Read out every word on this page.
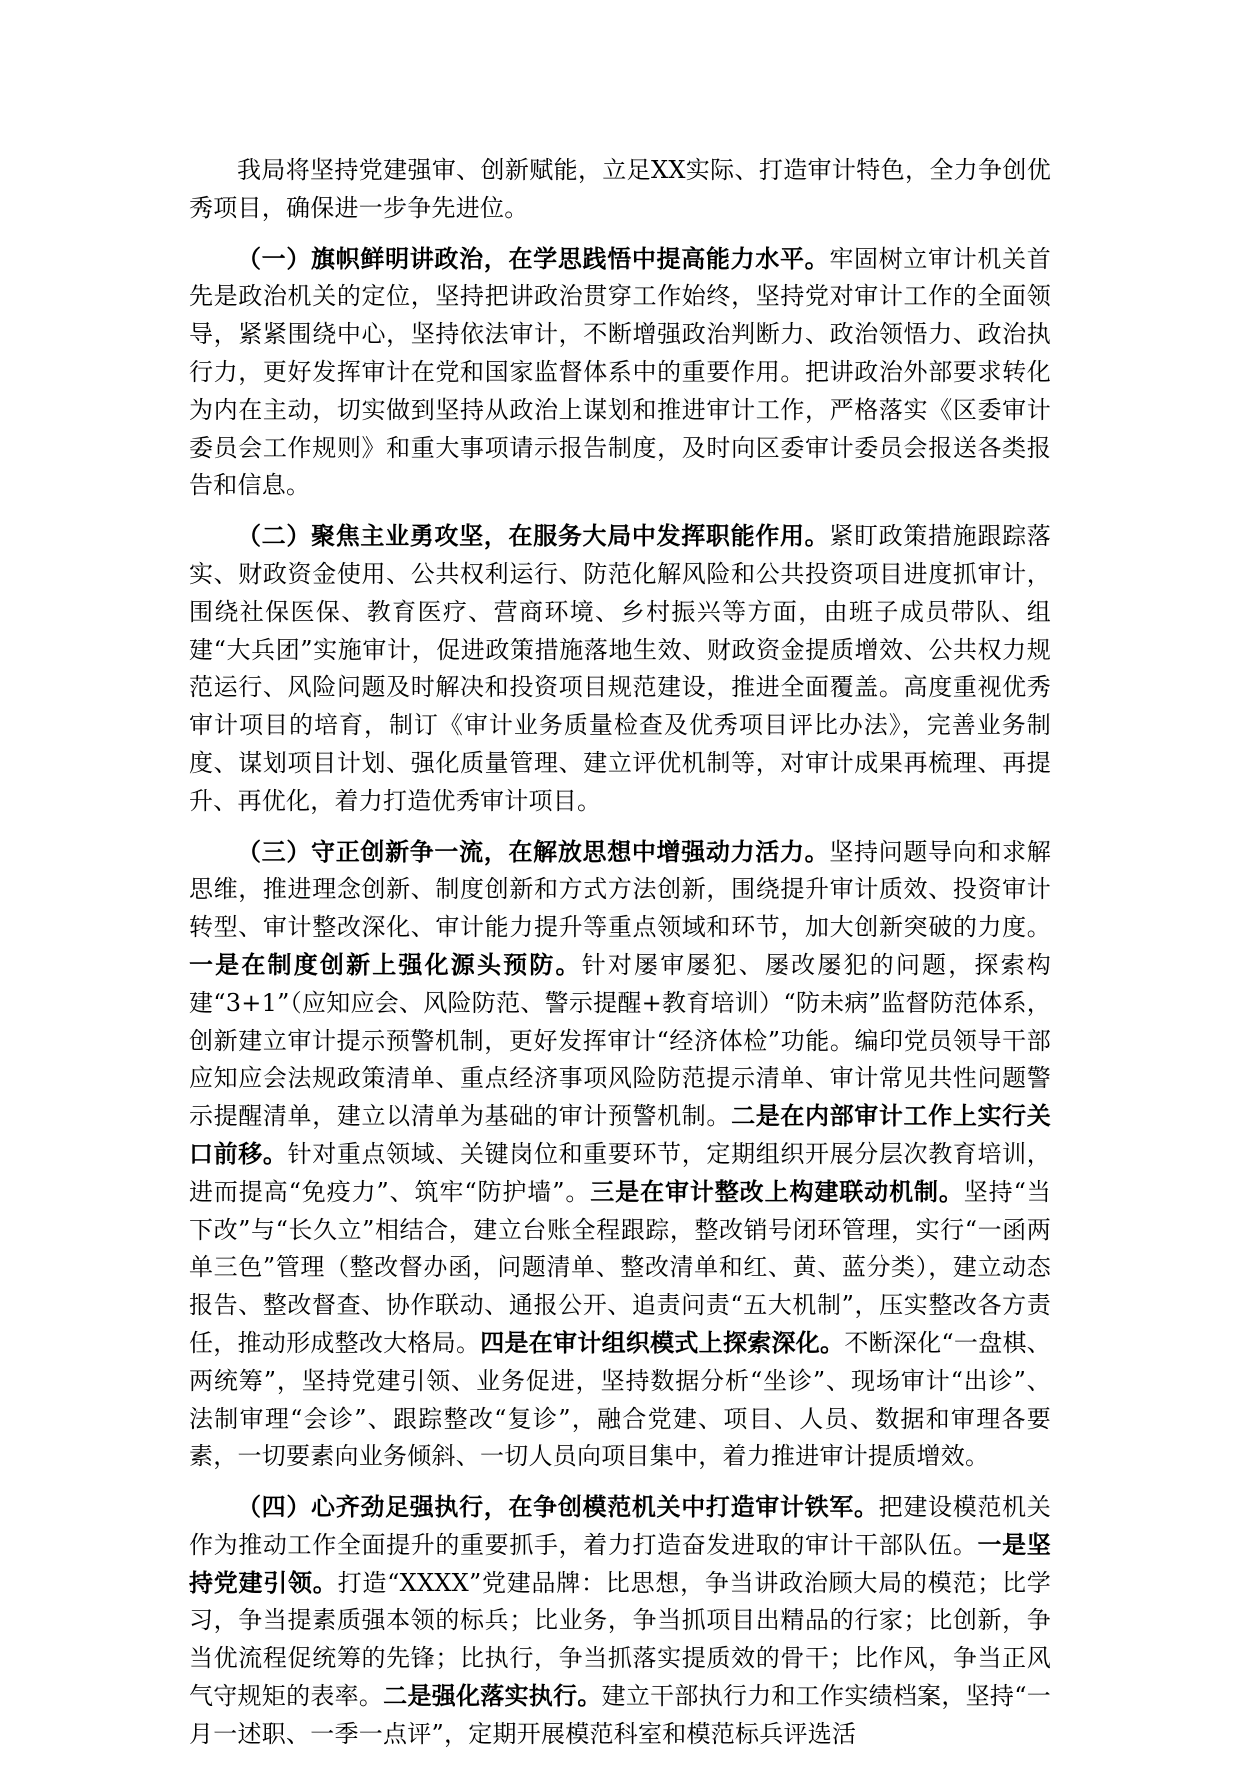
我局将坚持党建强审、创新赋能，立足XX实际、打造审计特色，全力争创优秀项目，确保进一步争先进位。

（一）旗帜鲜明讲政治，在学思践悟中提高能力水平。牢固树立审计机关首先是政治机关的定位，坚持把讲政治贯穿工作始终，坚持党对审计工作的全面领导，紧紧围绕中心，坚持依法审计，不断增强政治判断力、政治领悟力、政治执行力，更好发挥审计在党和国家监督体系中的重要作用。把讲政治外部要求转化为内在主动，切实做到坚持从政治上谋划和推进审计工作，严格落实《区委审计委员会工作规则》和重大事项请示报告制度，及时向区委审计委员会报送各类报告和信息。

（二）聚焦主业勇攻坚，在服务大局中发挥职能作用。紧盯政策措施跟踪落实、财政资金使用、公共权利运行、防范化解风险和公共投资项目进度抓审计，围绕社保医保、教育医疗、营商环境、乡村振兴等方面，由班子成员带队、组建“大兵团”实施审计，促进政策措施落地生效、财政资金提质增效、公共权力规范运行、风险问题及时解决和投资项目规范建设，推进全面覆盖。高度重视优秀审计项目的培育，制订《审计业务质量检查及优秀项目评比办法》，完善业务制度、谋划项目计划、强化质量管理、建立评优机制等，对审计成果再梳理、再提升、再优化，着力打造优秀审计项目。

（三）守正创新争一流，在解放思想中增强动力活力。坚持问题导向和求解思维，推进理念创新、制度创新和方式方法创新，围绕提升审计质效、投资审计转型、审计整改深化、审计能力提升等重点领域和环节，加大创新突破的力度。一是在制度创新上强化源头预防。针对屡审屡犯、屡改屡犯的问题，探索构建“3+1”（应知应会、风险防范、警示提醒+教育培训）“防未病”监督防范体系，创新建立审计提示预警机制，更好发挥审计“经济体检”功能。编印党员领导干部应知应会法规政策清单、重点经济事项风险防范提示清单、审计常见共性问题警示提醒清单，建立以清单为基础的审计预警机制。二是在内部审计工作上实行关口前移。针对重点领域、关键岗位和重要环节，定期组织开展分层次教育培训，进而提高“免疫力”、筑牢“防护墙”。三是在审计整改上构建联动机制。坚持“当下改”与“长久立”相结合，建立台账全程跟踪，整改销号闭环管理，实行“一函两单三色”管理（整改督办函，问题清单、整改清单和红、黄、蓝分类），建立动态报告、整改督查、协作联动、通报公开、追责问责“五大机制”，压实整改各方责任，推动形成整改大格局。四是在审计组织模式上探索深化。不断深化“一盘棋、两统筹”，坚持党建引领、业务促进，坚持数据分析“坐诊”、现场审计“出诊”、法制审理“会诊”、跟踪整改“复诊”，融合党建、项目、人员、数据和审理各要素，一切要素向业务倾斜、一切人员向项目集中，着力推进审计提质增效。

（四）心齐劲足强执行，在争创模范机关中打造审计铁军。把建设模范机关作为推动工作全面提升的重要抓手，着力打造奋发进取的审计干部队伍。一是坚持党建引领。打造“XXXX”党建品牌：比思想，争当讲政治顾大局的模范；比学习，争当提素质强本领的标兵；比业务，争当抓项目出精品的行家；比创新，争当优流程促统筹的先锋；比执行，争当抓落实提质效的骨干；比作风，争当正风气守规矩的表率。二是强化落实执行。建立干部执行力和工作实绩档案，坚持“一月一述职、一季一点评”，定期开展模范科室和模范标兵评选活
